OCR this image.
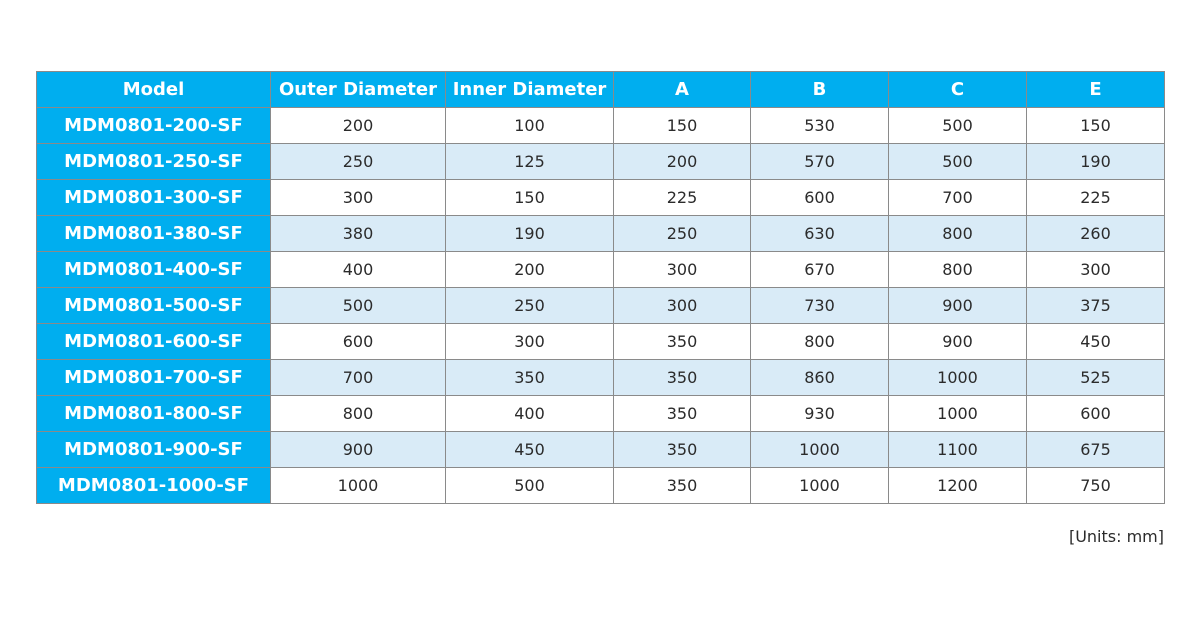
Model	Outer Diameter	Inner Diameter	A	B	C	E
MDM0801-200-SF	200	100	150	530	500	150
MDM0801-250-SF	250	125	200	570	500	190
MDM0801-300-SF	300	150	225	600	700	225
MDM0801-380-SF	380	190	250	630	800	260
MDM0801-400-SF	400	200	300	670	800	300
MDM0801-500-SF	500	250	300	730	900	375
MDM0801-600-SF	600	300	350	800	900	450
MDM0801-700-SF	700	350	350	860	1000	525
MDM0801-800-SF	800	400	350	930	1000	600
MDM0801-900-SF	900	450	350	1000	1100	675
MDM0801-1000-SF	1000	500	350	1000	1200	750
[Units: mm]
